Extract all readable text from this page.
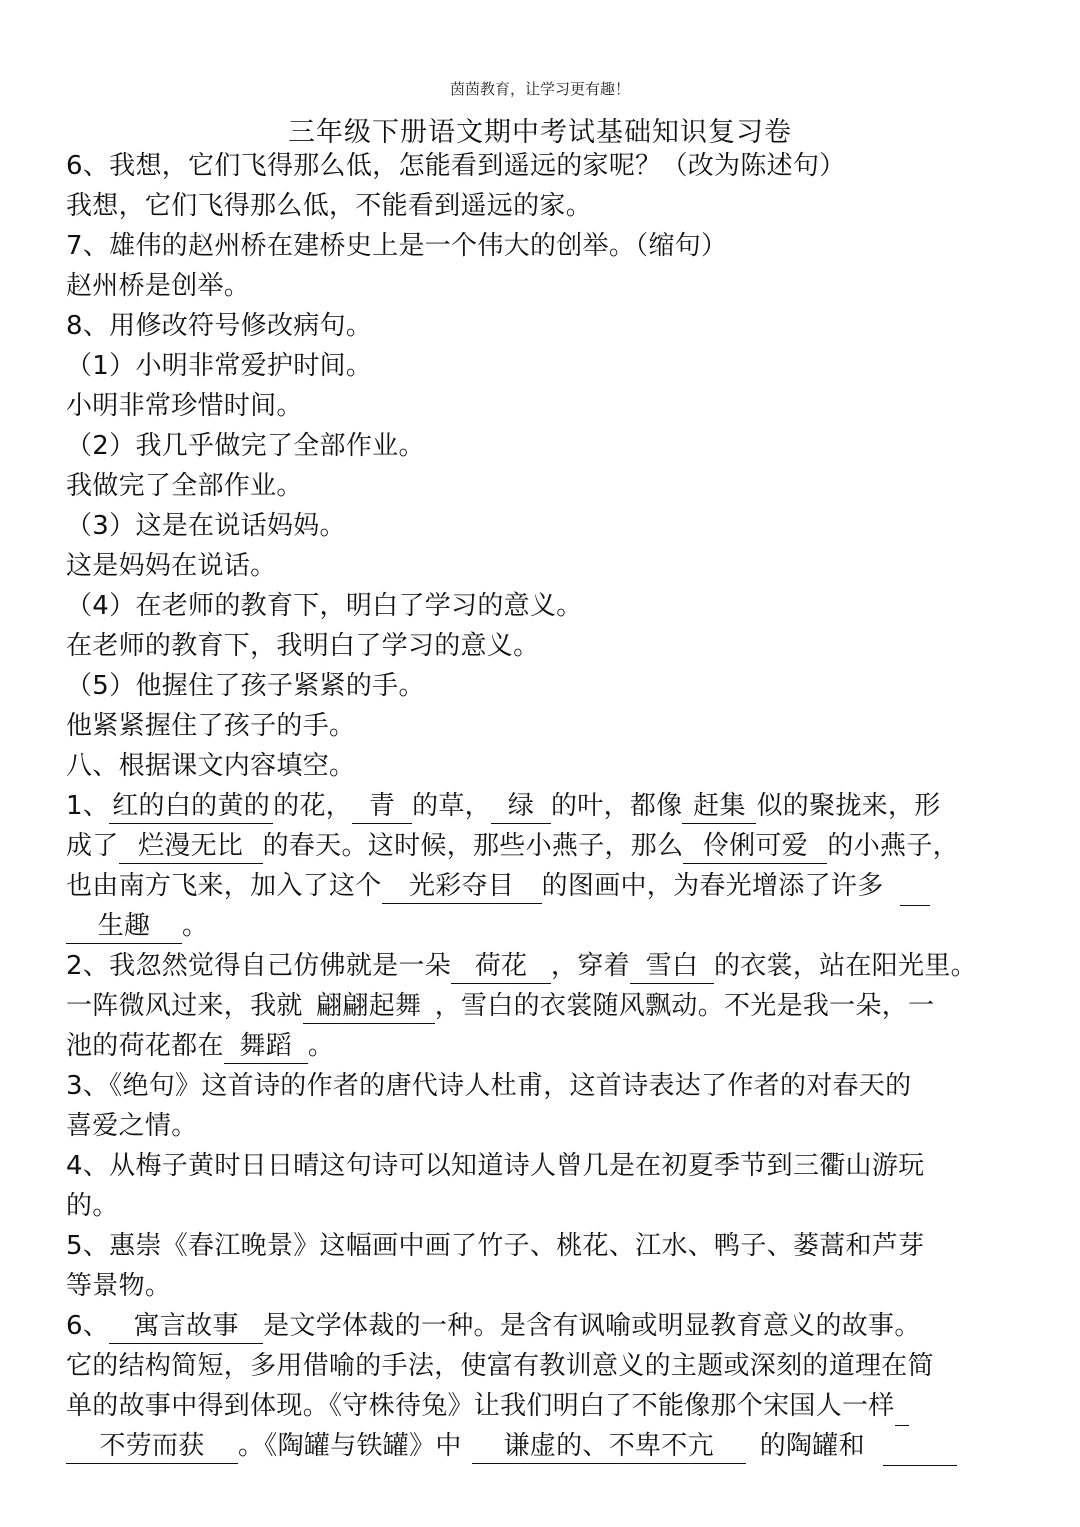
茵茵教育，让学习更有趣！
三年级下册语文期中考试基础知识复习卷
6、我想，它们飞得那么低，怎能看到遥远的家呢？（改为陈述句）
我想，它们飞得那么低，不能看到遥远的家。
7、雄伟的赵州桥在建桥史上是一个伟大的创举。（缩句）
赵州桥是创举。
8、用修改符号修改病句。
（1）小明非常爱护时间。
小明非常珍惜时间。
（2）我几乎做完了全部作业。
我做完了全部作业。
（3）这是在说话妈妈。
这是妈妈在说话。
（4）在老师的教育下，明白了学习的意义。
在老师的教育下，我明白了学习的意义。
（5）他握住了孩子紧紧的手。
他紧紧握住了孩子的手。
八、根据课文内容填空。
1、 红的白的黄的 的花， 青 的草， 绿 的叶，都像 赶集 似的聚拢来，形
成了 烂漫无比 的春天。这时候，那些小燕子，那么 伶俐可爱 的小燕子，
也由南方飞来，加入了这个 光彩夺目 的图画中，为春光增添了许多
生趣 。
2、我忽然觉得自己仿佛就是一朵 荷花 ，穿着 雪白 的衣裳，站在阳光里。
一阵微风过来，我就 翩翩起舞 ，雪白的衣裳随风飘动。不光是我一朵，一
池的荷花都在 舞蹈 。
3、《绝句》这首诗的作者的唐代诗人杜甫，这首诗表达了作者的对春天的
喜爱之情。
4、从梅子黄时日日晴这句诗可以知道诗人曾几是在初夏季节到三衢山游玩
的。
5、惠崇《春江晚景》这幅画中画了竹子、桃花、江水、鸭子、蒌蒿和芦芽
等景物。
6、 寓言故事 是文学体裁的一种。是含有讽喻或明显教育意义的故事。
它的结构简短，多用借喻的手法，使富有教训意义的主题或深刻的道理在简
单的故事中得到体现。《守株待兔》让我们明白了不能像那个宋国人一样
不劳而获 。《陶罐与铁罐》中 谦虚的、不卑不亢 的陶罐和
